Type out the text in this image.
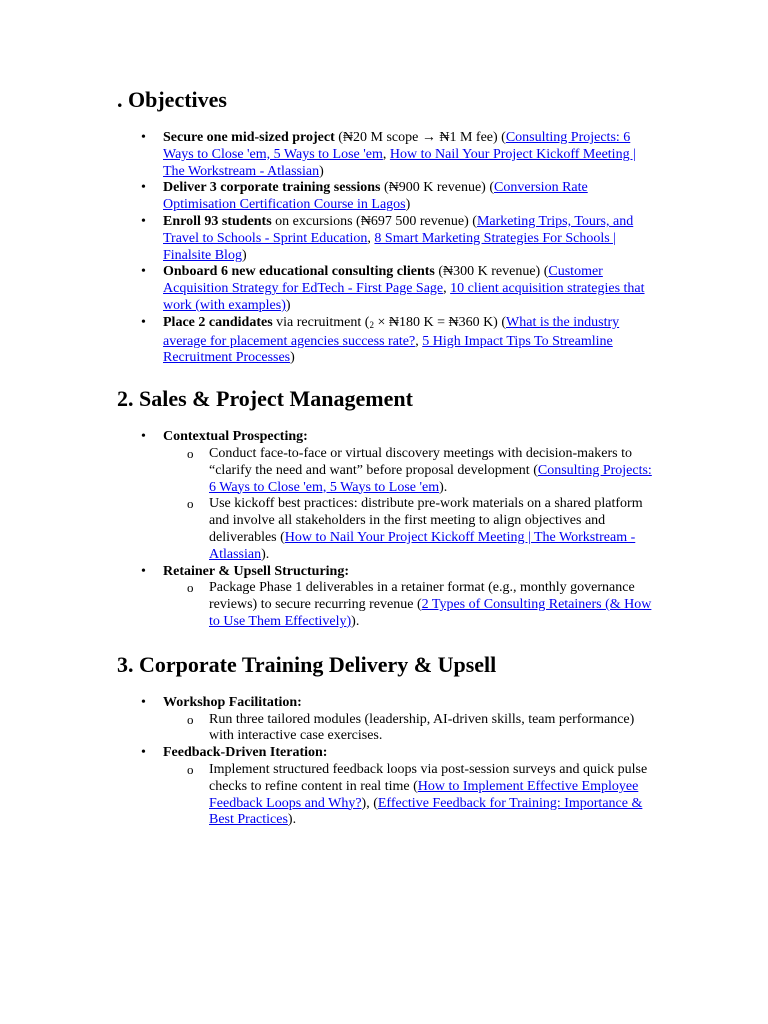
. Objectives
• Secure one mid-sized project (₦20 M scope → ₦1 M fee) (Consulting Projects: 6 Ways to Close 'em, 5 Ways to Lose 'em, How to Nail Your Project Kickoff Meeting | The Workstream - Atlassian)
• Deliver 3 corporate training sessions (₦900 K revenue) (Conversion Rate Optimisation Certification Course in Lagos)
• Enroll 93 students on excursions (₦697 500 revenue) (Marketing Trips, Tours, and Travel to Schools - Sprint Education, 8 Smart Marketing Strategies For Schools | Finalsite Blog)
• Onboard 6 new educational consulting clients (₦300 K revenue) (Customer Acquisition Strategy for EdTech - First Page Sage, 10 client acquisition strategies that work (with examples))
• Place 2 candidates via recruitment (2 × ₦180 K = ₦360 K) (What is the industry average for placement agencies success rate?, 5 High Impact Tips To Streamline Recruitment Processes)
2. Sales & Project Management
• Contextual Prospecting:
o Conduct face-to-face or virtual discovery meetings with decision-makers to “clarify the need and want” before proposal development (Consulting Projects: 6 Ways to Close 'em, 5 Ways to Lose 'em).
o Use kickoff best practices: distribute pre-work materials on a shared platform and involve all stakeholders in the first meeting to align objectives and deliverables (How to Nail Your Project Kickoff Meeting | The Workstream - Atlassian).
• Retainer & Upsell Structuring:
o Package Phase 1 deliverables in a retainer format (e.g., monthly governance reviews) to secure recurring revenue (2 Types of Consulting Retainers (& How to Use Them Effectively)).
3. Corporate Training Delivery & Upsell
• Workshop Facilitation:
o Run three tailored modules (leadership, AI-driven skills, team performance) with interactive case exercises.
• Feedback-Driven Iteration:
o Implement structured feedback loops via post-session surveys and quick pulse checks to refine content in real time (How to Implement Effective Employee Feedback Loops and Why?), (Effective Feedback for Training: Importance & Best Practices).
